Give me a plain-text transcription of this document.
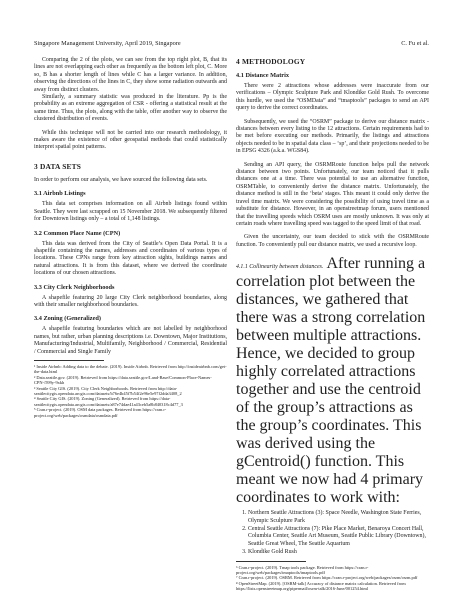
Singapore Management University, April 2019, Singapore	C. Fu et al.

Comparing the 2 of the plots, we can see from the top right plot, B, that its lines are not overlapping each other as frequently as the bottom left plot, C. More so, B has a shorter length of lines while C has a larger variance. In addition, observing the directions of the lines in C, they show some radiation outwards and away from distinct clusters.

Similarly, a summary statistic was produced in the literature. Pp is the probability as an extreme aggregation of CSR - offering a statistical result at the same time. Thus, the plots, along with the table, offer another way to observe the clustered distribution of events.

While this technique will not be carried into our research methodology, it makes aware the existence of other geospatial methods that could statistically interpret spatial point patterns.

3 DATA SETS

In order to perform our analysis, we have sourced the following data sets.

3.1 Airbnb Listings

This data set comprises information on all Airbnb listings found within Seattle. They were last scrapped on 15 November 2018. We subsequently filtered for Downtown listings only – a total of 1,148 listings.

3.2 Common Place Name (CPN)

This data was derived from the City of Seattle’s Open Data Portal. It is a shapefile containing the names, addresses and coordinates of various types of locations. These CPNs range from key attraction sights, buildings names and natural attractions. It is from this dataset, where we derived the coordinate locations of our chosen attractions.

3.3 City Clerk Neighborhoods

A shapefile featuring 20 large City Clerk neighborhood boundaries, along with their smaller neighborhood boundaries.

3.4 Zoning (Generalized)

A shapefile featuring boundaries which are not labelled by neighborhood names, but rather, urban planning descriptions i.e. Downtown, Major Institutions, Manufacturing/Industrial, Multifamily, Neighborhood / Commercial, Residential / Commercial and Single Family

¹ Inside Airbnb: Adding data to the debate. (2019). Inside Airbnb. Retrieved from http://insideairbnb.com/get-the-data.html
² Data.seattle.gov. (2019). Retrieved from https://data.seattle.gov/Land-Base/Common-Place-Names-CPN-/599y-9xkh
³ Seattle City GIS. (2019). City Clerk Neighborhoods. Retrieved from http://data-seattlecitygis.opendata.arcgis.com/datasets/b76e4b45f7b54f2e96e5e97f2dda3408_2
⁴ Seattle City GIS. (2019). Zoning (Generalized). Retrieved from https://data-seattlecitygis.opendata.arcgis.com/datasets/a87e74dae41a43ceb5a8b840318c4d77_3
⁵ Cran.r-project. (2019). OSM data packages. Retrieved from https://cran.r-project.org/web/packages/osmdata/osmdata.pdf
4 METHODOLOGY
4.1 Distance Matrix

There were 2 attractions whose addresses were inaccurate from our verifications – Olympic Sculpture Park and Klondike Gold Rush. To overcome this hurdle, we used the “OSMData” and “tmaptools” packages to send an API query to derive the correct coordinates.

Subsequently, we used the “OSRM” package to derive our distance matrix - distances between every listing to the 12 attractions. Certain requirements had to be met before executing our methods. Primarily, the listings and attractions objects needed to be in spatial data class – ‘sp’, and their projections needed to be in EPSG 4326 (a.k.a. WGS84).

Sending an API query, the OSRMRoute function helps pull the network distance between two points. Unfortunately, our team noticed that it pulls distances one at a time. There was potential to use an alternative function, OSRMTable, to conveniently derive the distance matrix. Unfortunately, the distance method is still in the ‘beta’ stages. This meant it could only derive the travel time matrix. We were considering the possibility of using travel time as a substitute for distance. However, in an openstreetmap forum, users mentioned that the travelling speeds which OSRM uses are mostly unknown. It was only at certain roads where travelling speed was tagged to the speed limit of that road.

Given the uncertainty, our team decided to stick with the OSRMRoute function. To conveniently pull our distance matrix, we used a recursive loop.

4.1.1 Collinearity between distances. After running a correlation plot between the distances, we gathered that there was a strong correlation between multiple attractions. Hence, we decided to group highly correlated attractions together and use the centroid of the group’s attractions as the group’s coordinates. This was derived using the gCentroid() function. This meant we now had 4 primary coordinates to work with:

1. Northern Seattle Attractions (3): Space Needle, Washington State Ferries, Olympic Sculpture Park
2. Central Seattle Attractions (7): Pike Place Market, Benaroya Concert Hall, Columbia Center, Seattle Art Museum, Seattle Public Library (Downtown), Seattle Great Wheel, The Seattle Aquarium
3. Klondike Gold Rush
⁶ Cran.r-project. (2019). Tmap tools package. Retrieved from https://cran.r-project.org/web/packages/tmaptools/tmaptools.pdf
⁷ Cran.r-project. (2019). OSRM. Retrieved from https://cran.r-project.org/web/packages/osrm/osrm.pdf
⁸ OpenStreetMap. (2019). [OSRM-talk] Accuracy of distance matrix calculation. Retrieved from https://lists.openstreetmap.org/pipermail/osrm-talk/2016-June/001254.html
